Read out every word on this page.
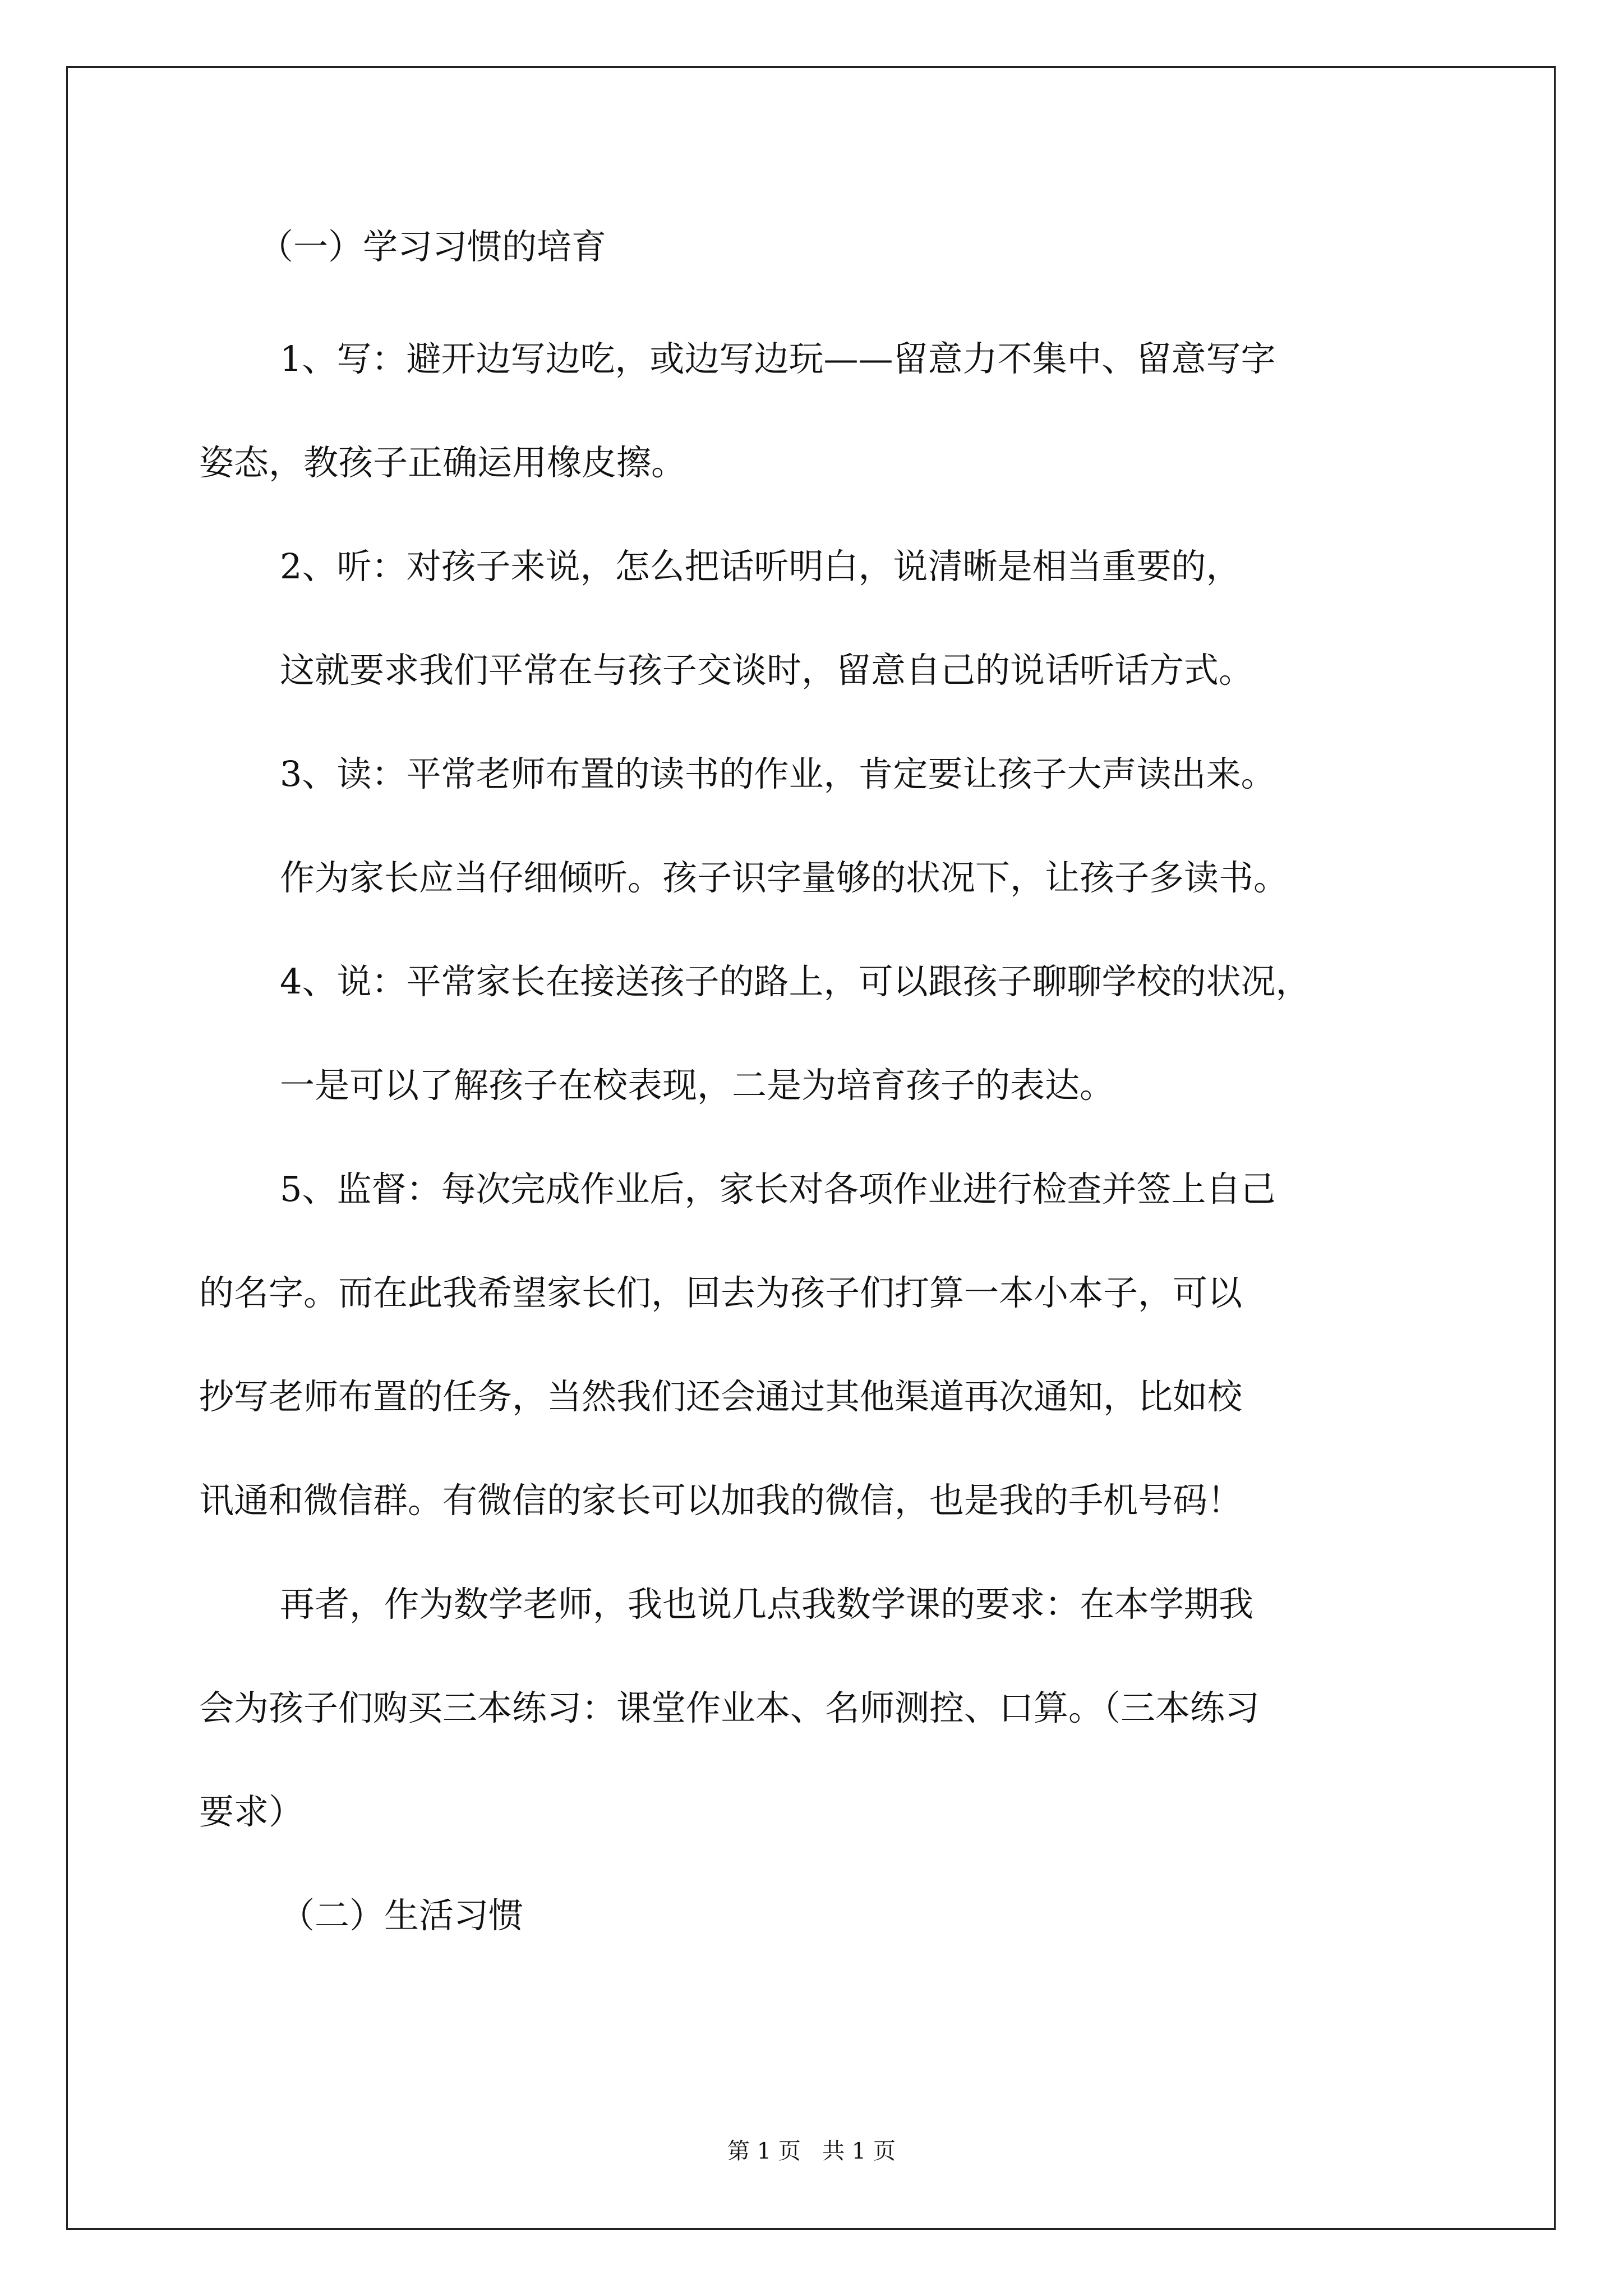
（一）学习习惯的培育

1、写：避开边写边吃，或边写边玩——留意力不集中、留意写字

姿态，教孩子正确运用橡皮擦。

2、听：对孩子来说，怎么把话听明白，说清晰是相当重要的，

这就要求我们平常在与孩子交谈时，留意自己的说话听话方式。

3、读：平常老师布置的读书的作业，肯定要让孩子大声读出来。

作为家长应当仔细倾听。孩子识字量够的状况下，让孩子多读书。

4、说：平常家长在接送孩子的路上，可以跟孩子聊聊学校的状况，

一是可以了解孩子在校表现，二是为培育孩子的表达。

5、监督：每次完成作业后，家长对各项作业进行检查并签上自己

的名字。而在此我希望家长们，回去为孩子们打算一本小本子，可以

抄写老师布置的任务，当然我们还会通过其他渠道再次通知，比如校

讯通和微信群。有微信的家长可以加我的微信，也是我的手机号码！

再者，作为数学老师，我也说几点我数学课的要求：在本学期我

会为孩子们购买三本练习：课堂作业本、名师测控、口算。（三本练习

要求）

（二）生活习惯

第 1 页   共 1 页
